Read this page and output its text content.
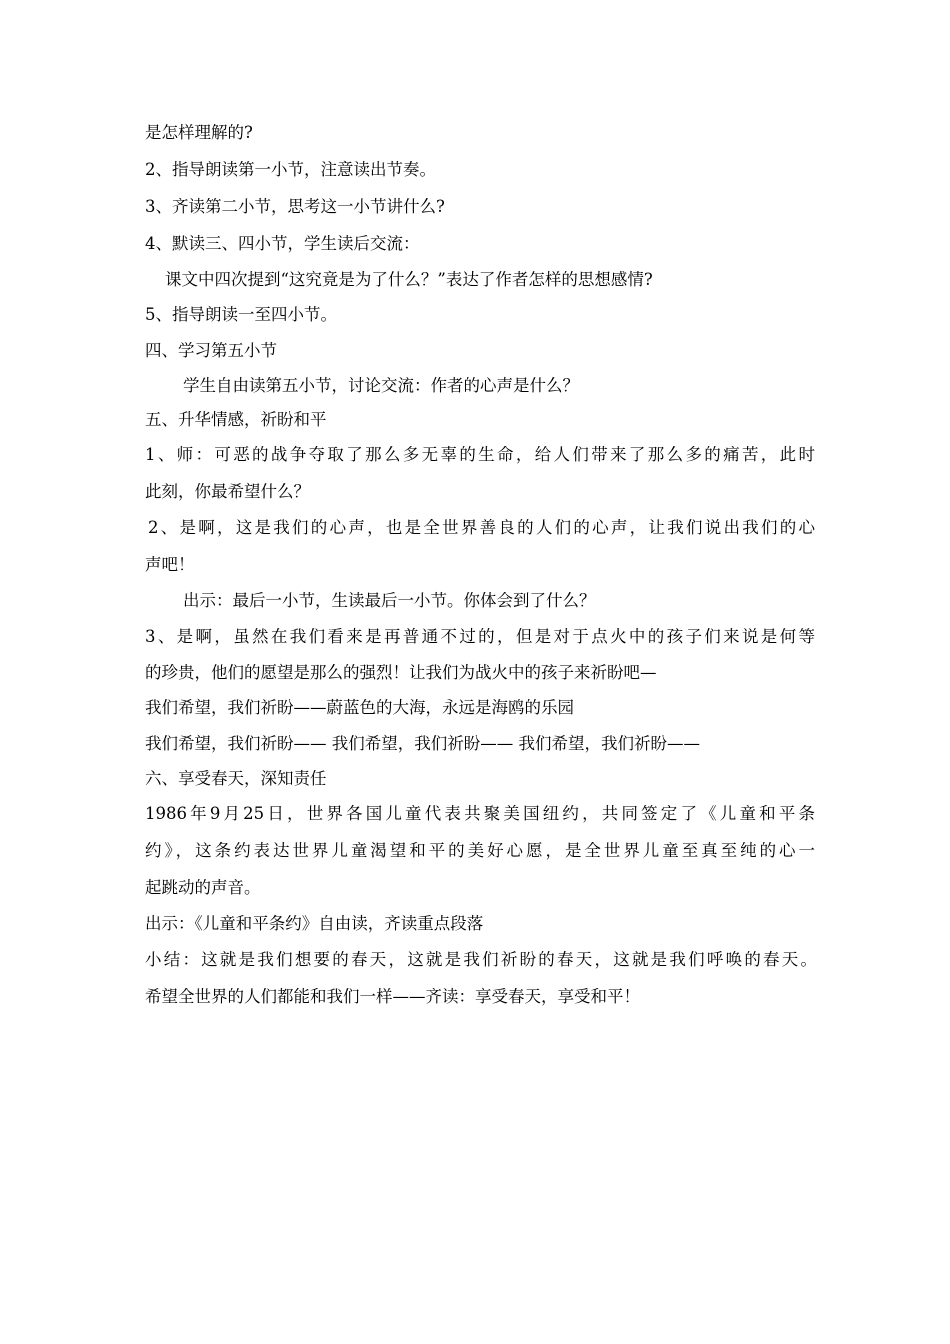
是怎样理解的?
2、指导朗读第一小节，注意读出节奏。
3、齐读第二小节，思考这一小节讲什么?
4、默读三、四小节，学生读后交流：
课文中四次提到“这究竟是为了什么？”表达了作者怎样的思想感情?
5、指导朗读一至四小节。
四、学习第五小节
学生自由读第五小节，讨论交流：作者的心声是什么？
五、升华情感，祈盼和平
1、师：可恶的战争夺取了那么多无辜的生命，给人们带来了那么多的痛苦，此时
此刻，你最希望什么？
2、是啊，这是我们的心声，也是全世界善良的人们的心声，让我们说出我们的心
声吧！
出示：最后一小节，生读最后一小节。你体会到了什么？
3、是啊，虽然在我们看来是再普通不过的，但是对于点火中的孩子们来说是何等
的珍贵，他们的愿望是那么的强烈！让我们为战火中的孩子来祈盼吧—
我们希望，我们祈盼——蔚蓝色的大海，永远是海鸥的乐园
我们希望，我们祈盼—— 我们希望，我们祈盼—— 我们希望，我们祈盼——
六、享受春天，深知责任
1986年9月25日，世界各国儿童代表共聚美国纽约，共同签定了《儿童和平条
约》，这条约表达世界儿童渴望和平的美好心愿，是全世界儿童至真至纯的心一
起跳动的声音。
出示：《儿童和平条约》自由读，齐读重点段落
小结：这就是我们想要的春天，这就是我们祈盼的春天，这就是我们呼唤的春天。
希望全世界的人们都能和我们一样——齐读：享受春天，享受和平！
